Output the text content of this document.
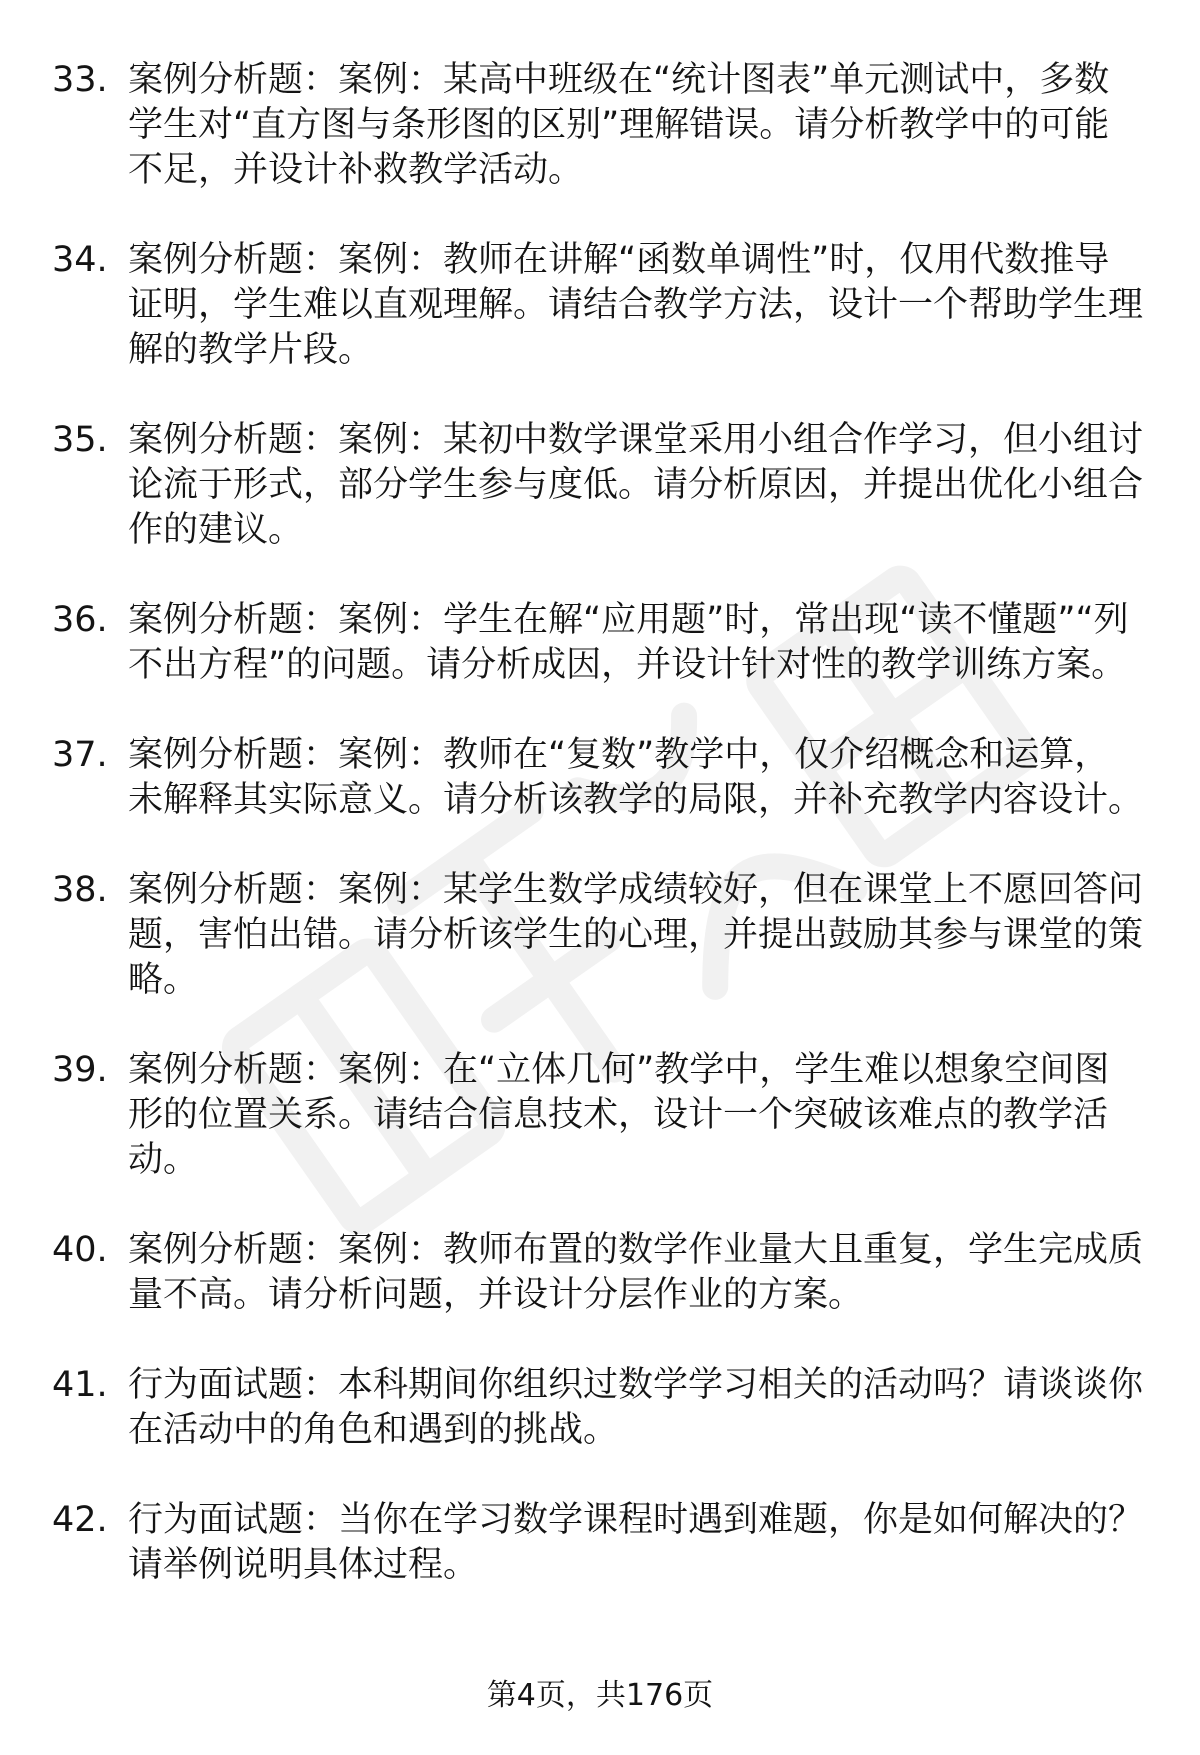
33. 案例分析题：案例：某高中班级在“统计图表”单元测试中，多数学生对“直方图与条形图的区别”理解错误。请分析教学中的可能不足，并设计补救教学活动。
34. 案例分析题：案例：教师在讲解“函数单调性”时，仅用代数推导证明，学生难以直观理解。请结合教学方法，设计一个帮助学生理解的教学片段。
35. 案例分析题：案例：某初中数学课堂采用小组合作学习，但小组讨论流于形式，部分学生参与度低。请分析原因，并提出优化小组合作的建议。
36. 案例分析题：案例：学生在解“应用题”时，常出现“读不懂题”“列不出方程”的问题。请分析成因，并设计针对性的教学训练方案。
37. 案例分析题：案例：教师在“复数”教学中，仅介绍概念和运算，未解释其实际意义。请分析该教学的局限，并补充教学内容设计。
38. 案例分析题：案例：某学生数学成绩较好，但在课堂上不愿回答问题，害怕出错。请分析该学生的心理，并提出鼓励其参与课堂的策略。
39. 案例分析题：案例：在“立体几何”教学中，学生难以想象空间图形的位置关系。请结合信息技术，设计一个突破该难点的教学活动。
40. 案例分析题：案例：教师布置的数学作业量大且重复，学生完成质量不高。请分析问题，并设计分层作业的方案。
41. 行为面试题：本科期间你组织过数学学习相关的活动吗？请谈谈你在活动中的角色和遇到的挑战。
42. 行为面试题：当你在学习数学课程时遇到难题，你是如何解决的？请举例说明具体过程。
第4页，共176页
